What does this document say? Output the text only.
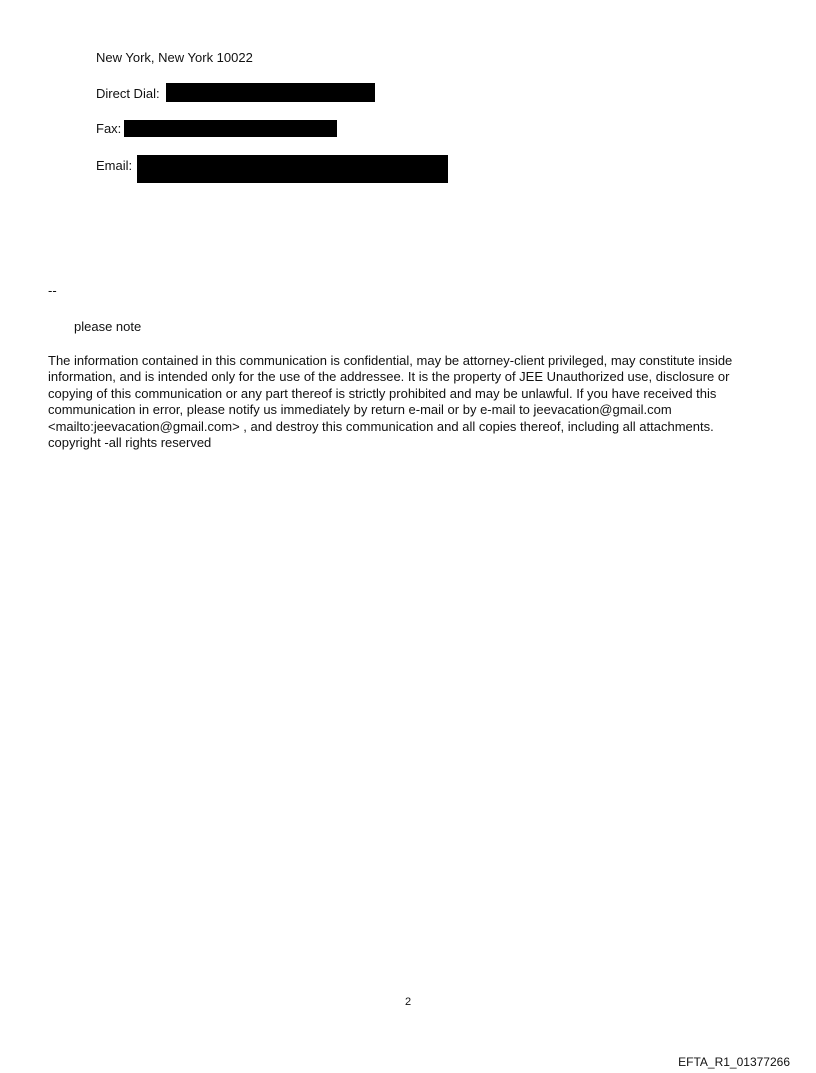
New York, New York 10022
Direct Dial:
Fax:
Email:
--
please note
The information contained in this communication is confidential, may be attorney-client privileged, may constitute inside information, and is intended only for the use of the addressee. It is the property of JEE Unauthorized use, disclosure or copying of this communication or any part thereof is strictly prohibited and may be unlawful. If you have received this communication in error, please notify us immediately by return e-mail or by e-mail to jeevacation@gmail.com <mailto:jeevacation@gmail.com> , and destroy this communication and all copies thereof, including all attachments. copyright -all rights reserved
2
EFTA_R1_01377266
